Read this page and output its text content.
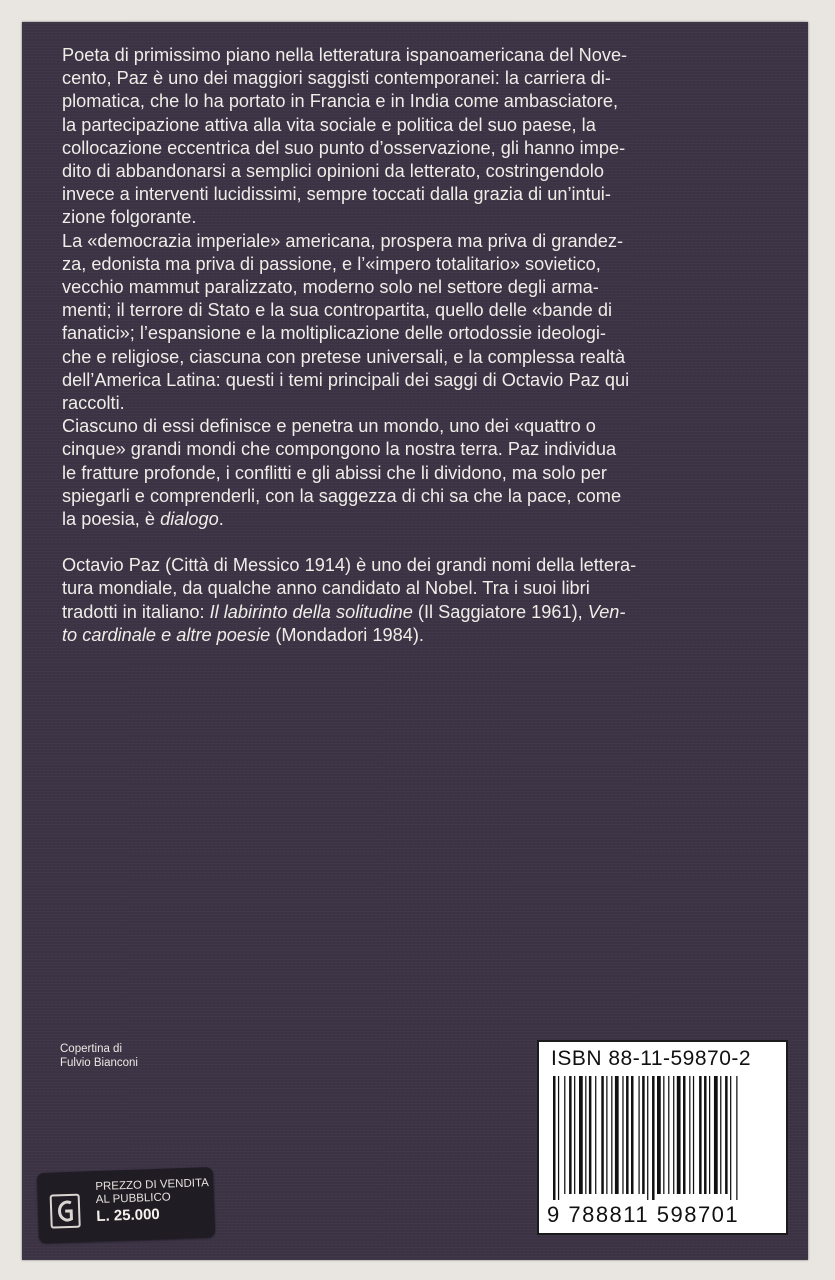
Poeta di primissimo piano nella letteratura ispanoamericana del Nove-
cento, Paz è uno dei maggiori saggisti contemporanei: la carriera di-
plomatica, che lo ha portato in Francia e in India come ambasciatore,
la partecipazione attiva alla vita sociale e politica del suo paese, la
collocazione eccentrica del suo punto d’osservazione, gli hanno impe-
dito di abbandonarsi a semplici opinioni da letterato, costringendolo
invece a interventi lucidissimi, sempre toccati dalla grazia di un’intui-
zione folgorante.

La «democrazia imperiale» americana, prospera ma priva di grandez-
za, edonista ma priva di passione, e l’«impero totalitario» sovietico,
vecchio mammut paralizzato, moderno solo nel settore degli arma-
menti; il terrore di Stato e la sua contropartita, quello delle «bande di
fanatici»; l’espansione e la moltiplicazione delle ortodossie ideologi-
che e religiose, ciascuna con pretese universali, e la complessa realtà
dell’America Latina: questi i temi principali dei saggi di Octavio Paz qui
raccolti.

Ciascuno di essi definisce e penetra un mondo, uno dei «quattro o
cinque» grandi mondi che compongono la nostra terra. Paz individua
le fratture profonde, i conflitti e gli abissi che li dividono, ma solo per
spiegarli e comprenderli, con la saggezza di chi sa che la pace, come
la poesia, è dialogo.

Octavio Paz (Città di Messico 1914) è uno dei grandi nomi della lettera-
tura mondiale, da qualche anno candidato al Nobel. Tra i suoi libri
tradotti in italiano: Il labirinto della solitudine (Il Saggiatore 1961), Ven-
to cardinale e altre poesie (Mondadori 1984).

Copertina di
Fulvio Bianconi	ISBN 88-11-59870-2
9 788811 598701
PREZZO DI VENDITA
AL PUBBLICO
L. 25.000
